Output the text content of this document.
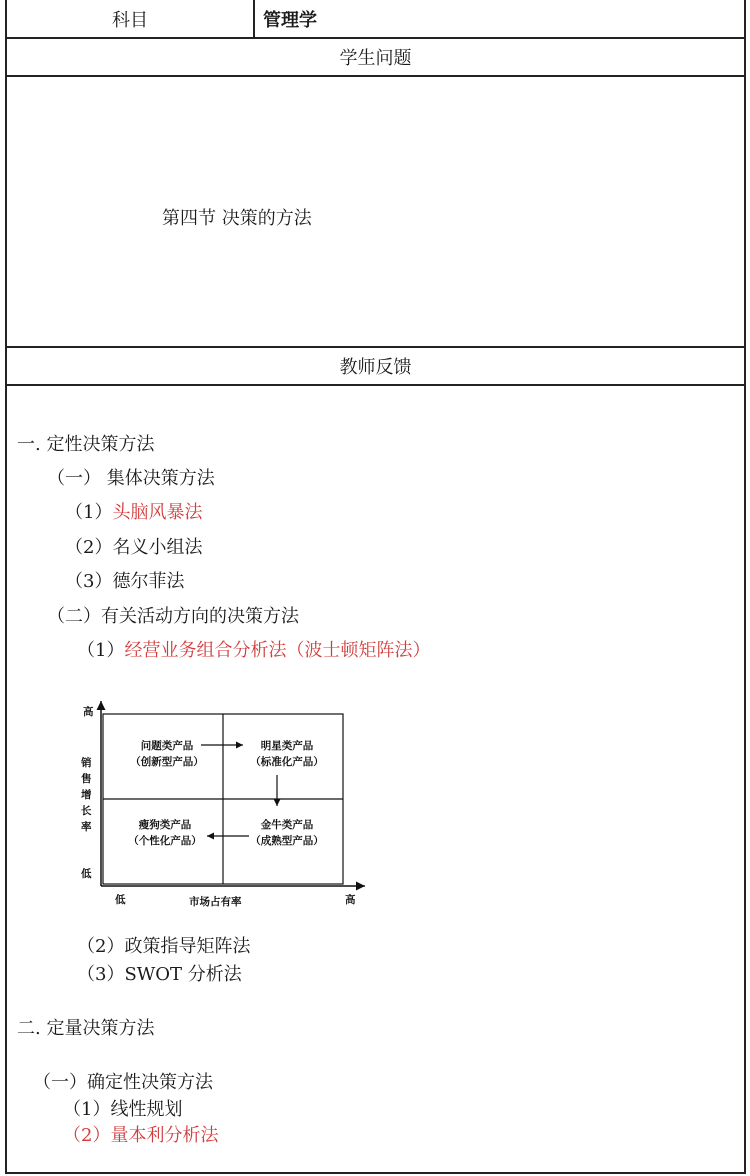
科目	管理学
学生问题
第四节 决策的方法
教师反馈
一. 定性决策方法
（一） 集体决策方法
（1）头脑风暴法
（2）名义小组法
（3）德尔菲法
（二）有关活动方向的决策方法
（1）经营业务组合分析法（波士顿矩阵法）
高
销
售
增
长
率
低
低	市场占有率	高
问题类产品
（创新型产品）
明星类产品
（标准化产品）
瘦狗类产品
（个性化产品）
金牛类产品
（成熟型产品）
（2）政策指导矩阵法
（3）SWOT 分析法
二. 定量决策方法
（一）确定性决策方法
（1）线性规划
（2）量本利分析法
